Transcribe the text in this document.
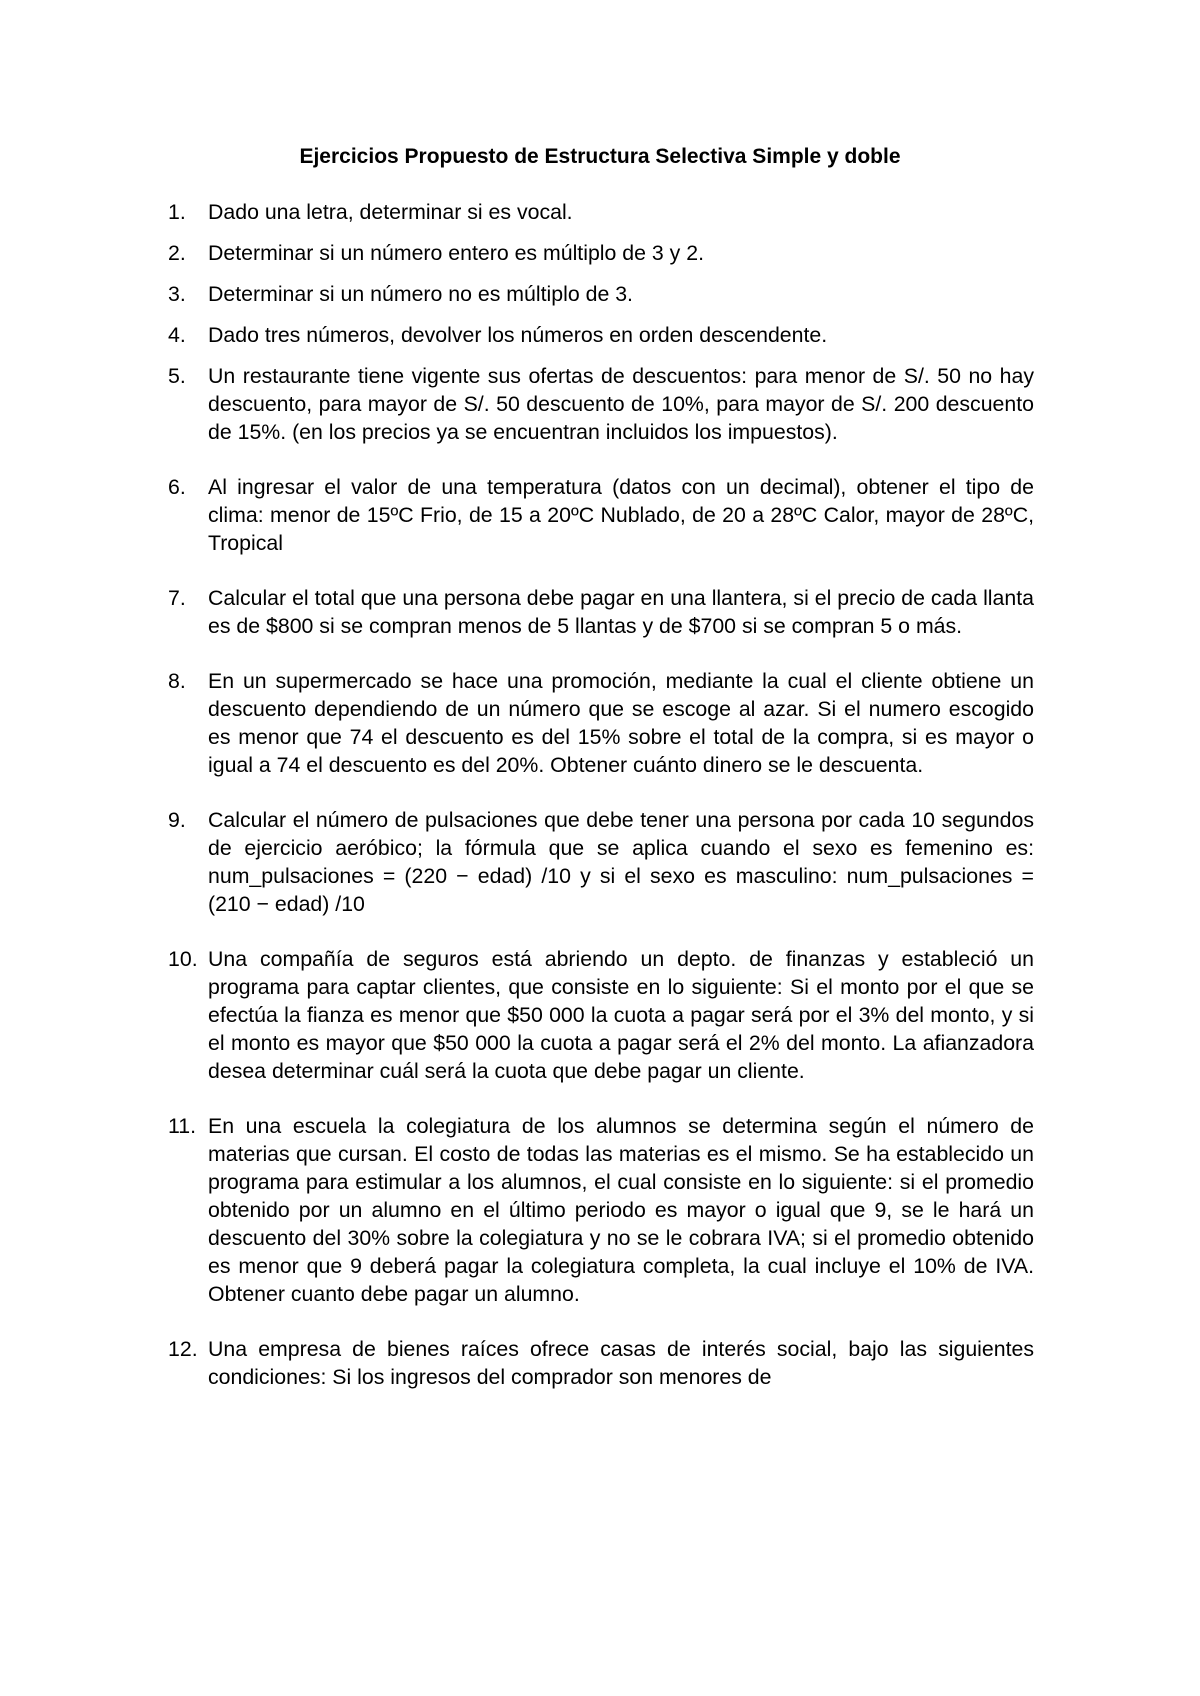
Ejercicios Propuesto de Estructura Selectiva Simple y doble
1. Dado una letra, determinar si es vocal.
2. Determinar si un número entero es múltiplo de 3 y 2.
3. Determinar si un número no es múltiplo de 3.
4. Dado tres números, devolver los números en orden descendente.
5. Un restaurante tiene vigente sus ofertas de descuentos: para menor de S/. 50 no hay descuento, para mayor de S/. 50 descuento de 10%, para mayor de S/. 200 descuento de 15%. (en los precios ya se encuentran incluidos los impuestos).
6. Al ingresar el valor de una temperatura (datos con un decimal), obtener el tipo de clima: menor de 15ºC Frio, de 15 a 20ºC Nublado, de 20 a 28ºC Calor, mayor de 28ºC, Tropical
7. Calcular el total que una persona debe pagar en una llantera, si el precio de cada llanta es de $800 si se compran menos de 5 llantas y de $700 si se compran 5 o más.
8. En un supermercado se hace una promoción, mediante la cual el cliente obtiene un descuento dependiendo de un número que se escoge al azar. Si el numero escogido es menor que 74 el descuento es del 15% sobre el total de la compra, si es mayor o igual a 74 el descuento es del 20%. Obtener cuánto dinero se le descuenta.
9. Calcular el número de pulsaciones que debe tener una persona por cada 10 segundos de ejercicio aeróbico; la fórmula que se aplica cuando el sexo es femenino es: num_pulsaciones = (220 − edad) /10 y si el sexo es masculino: num_pulsaciones = (210 − edad) /10
10. Una compañía de seguros está abriendo un depto. de finanzas y estableció un programa para captar clientes, que consiste en lo siguiente: Si el monto por el que se efectúa la fianza es menor que $50 000 la cuota a pagar será por el 3% del monto, y si el monto es mayor que $50 000 la cuota a pagar será el 2% del monto. La afianzadora desea determinar cuál será la cuota que debe pagar un cliente.
11. En una escuela la colegiatura de los alumnos se determina según el número de materias que cursan. El costo de todas las materias es el mismo. Se ha establecido un programa para estimular a los alumnos, el cual consiste en lo siguiente: si el promedio obtenido por un alumno en el último periodo es mayor o igual que 9, se le hará un descuento del 30% sobre la colegiatura y no se le cobrara IVA; si el promedio obtenido es menor que 9 deberá pagar la colegiatura completa, la cual incluye el 10% de IVA. Obtener cuanto debe pagar un alumno.
12. Una empresa de bienes raíces ofrece casas de interés social, bajo las siguientes condiciones: Si los ingresos del comprador son menores de
